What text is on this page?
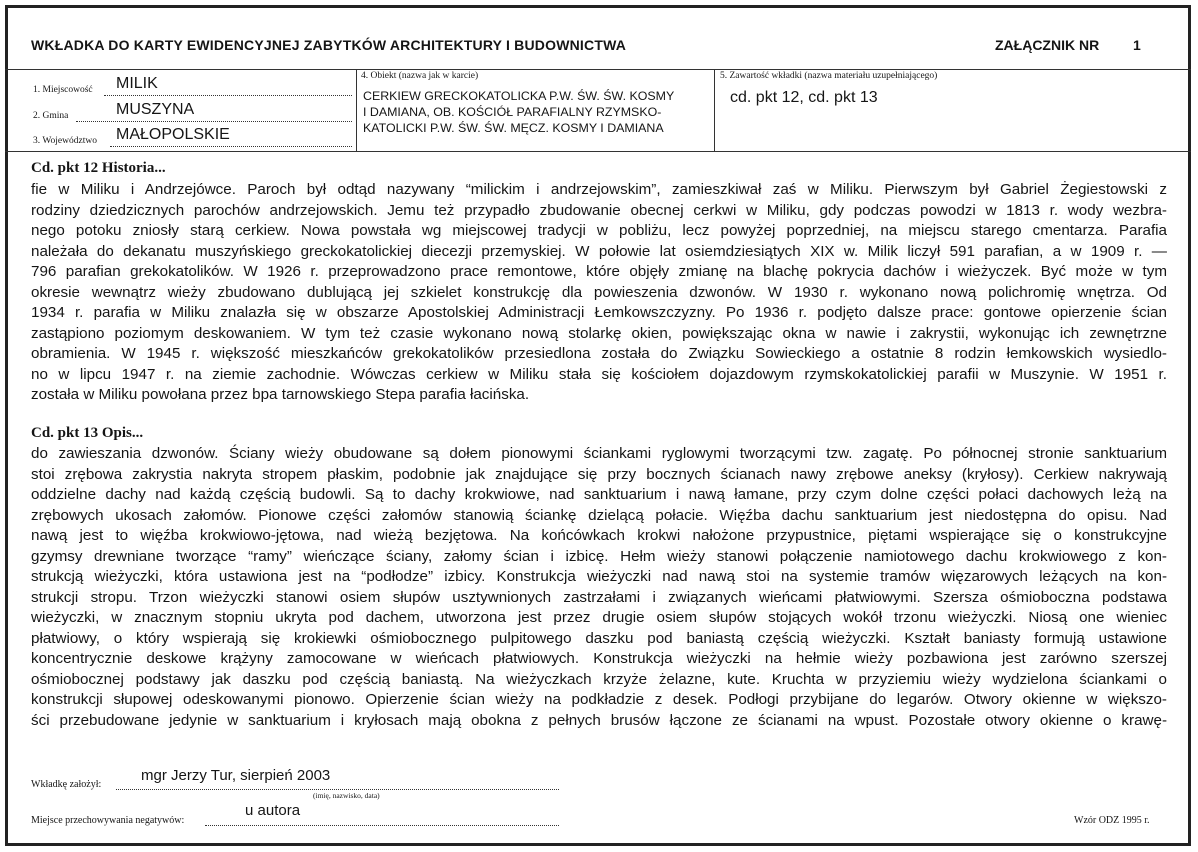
WKŁADKA DO KARTY EWIDENCYJNEJ ZABYTKÓW ARCHITEKTURY I BUDOWNICTWA	ZAŁĄCZNIK NR 1
1. Miejscowość MILIK
2. Gmina	MUSZYNA
3. Województwo MAŁOPOLSKIE
4. Obiekt (nazwa jak w karcie)
CERKIEW GRECKOKATOLICKA P.W. ŚW. ŚW. KOSMY
I DAMIANA, OB. KOŚCIÓŁ PARAFIALNY RZYMSKO-
KATOLICKI P.W. ŚW. ŚW. MĘCZ. KOSMY I DAMIANA
5. Zawartość wkładki (nazwa materiału uzupełniającego)
cd. pkt 12, cd. pkt 13
Cd. pkt 12 Historia...
fie w Miliku i Andrzejówce. Paroch był odtąd nazywany “milickim i andrzejowskim”, zamieszkiwał zaś w Miliku. Pierwszym był Gabriel Żegiestowski z
rodziny dziedzicznych parochów andrzejowskich. Jemu też przypadło zbudowanie obecnej cerkwi w Miliku, gdy podczas powodzi w 1813 r. wody wezbra-
nego potoku zniosły starą cerkiew. Nowa powstała wg miejscowej tradycji w pobliżu, lecz powyżej poprzedniej, na miejscu starego cmentarza. Parafia
należała do dekanatu muszyńskiego greckokatolickiej diecezji przemyskiej. W połowie lat osiemdziesiątych XIX w. Milik liczył 591 parafian, a w 1909 r. —
796 parafian grekokatolików. W 1926 r. przeprowadzono prace remontowe, które objęły zmianę na blachę pokrycia dachów i wieżyczek. Być może w tym
okresie wewnątrz wieży zbudowano dublującą jej szkielet konstrukcję dla powieszenia dzwonów. W 1930 r. wykonano nową polichromię wnętrza. Od
1934 r. parafia w Miliku znalazła się w obszarze Apostolskiej Administracji Łemkowszczyzny. Po 1936 r. podjęto dalsze prace: gontowe opierzenie ścian
zastąpiono poziomym deskowaniem. W tym też czasie wykonano nową stolarkę okien, powiększając okna w nawie i zakrystii, wykonując ich zewnętrzne
obramienia. W 1945 r. większość mieszkańców grekokatolików przesiedlona została do Związku Sowieckiego a ostatnie 8 rodzin łemkowskich wysiedlo-
no w lipcu 1947 r. na ziemie zachodnie. Wówczas cerkiew w Miliku stała się kościołem dojazdowym rzymskokatolickiej parafii w Muszynie. W 1951 r.
została w Miliku powołana przez bpa tarnowskiego Stepa parafia łacińska.
Cd. pkt 13 Opis...
do zawieszania dzwonów. Ściany wieży obudowane są dołem pionowymi ściankami ryglowymi tworzącymi tzw. zagatę. Po północnej stronie sanktuarium
stoi zrębowa zakrystia nakryta stropem płaskim, podobnie jak znajdujące się przy bocznych ścianach nawy zrębowe aneksy (kryłosy). Cerkiew nakrywają
oddzielne dachy nad każdą częścią budowli. Są to dachy krokwiowe, nad sanktuarium i nawą łamane, przy czym dolne części połaci dachowych leżą na
zrębowych ukosach załomów. Pionowe części załomów stanowią ściankę dzielącą połacie. Więźba dachu sanktuarium jest niedostępna do opisu. Nad
nawą jest to więźba krokwiowo-jętowa, nad wieżą bezjętowa. Na końcówkach krokwi nałożone przypustnice, piętami wspierające się o konstrukcyjne
gzymsy drewniane tworzące “ramy” wieńczące ściany, załomy ścian i izbicę. Hełm wieży stanowi połączenie namiotowego dachu krokwiowego z kon-
strukcją wieżyczki, która ustawiona jest na “podłodze” izbicy. Konstrukcja wieżyczki nad nawą stoi na systemie tramów więzarowych leżących na kon-
strukcji stropu. Trzon wieżyczki stanowi osiem słupów usztywnionych zastrzałami i związanych wieńcami płatwiowymi. Szersza ośmioboczna podstawa
wieżyczki, w znacznym stopniu ukryta pod dachem, utworzona jest przez drugie osiem słupów stojących wokół trzonu wieżyczki. Niosą one wieniec
płatwiowy, o który wspierają się krokiewki ośmiobocznego pulpitowego daszku pod baniastą częścią wieżyczki. Kształt baniasty formują ustawione
koncentrycznie deskowe krążyny zamocowane w wieńcach płatwiowych. Konstrukcja wieżyczki na hełmie wieży pozbawiona jest zarówno szerszej
ośmiobocznej podstawy jak daszku pod częścią baniastą. Na wieżyczkach krzyże żelazne, kute. Kruchta w przyziemiu wieży wydzielona ściankami o
konstrukcji słupowej odeskowanymi pionowo. Opierzenie ścian wieży na podkładzie z desek. Podłogi przybijane do legarów. Otwory okienne w większo-
ści przebudowane jedynie w sanktuarium i kryłosach mają obokna z pełnych brusów łączone ze ścianami na wpust. Pozostałe otwory okienne o krawę-
Wkładkę założył:
mgr Jerzy Tur, sierpień 2003
(imię, nazwisko, data)
Miejsce przechowywania negatywów:
u autora
Wzór ODZ 1995 r.
